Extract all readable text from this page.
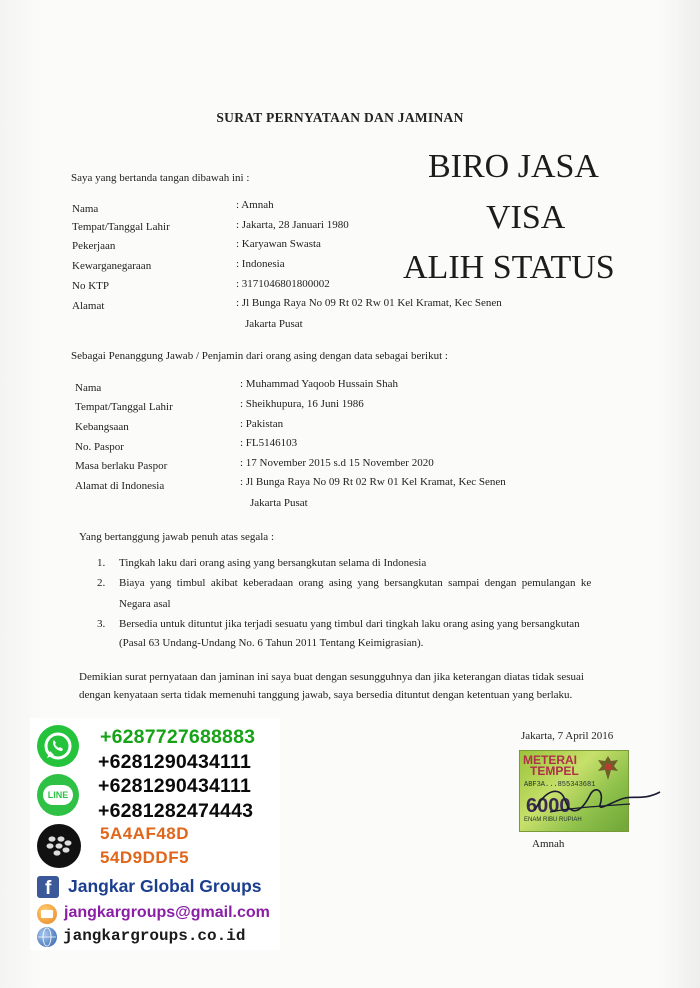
SURAT PERNYATAAN DAN JAMINAN
Saya yang bertanda tangan dibawah ini :	BIRO JASA
VISA
ALIH STATUS
Nama
Tempat/Tanggal Lahir
Pekerjaan
Kewarganegaraan
No KTP
Alamat
: Amnah
: Jakarta, 28 Januari 1980
: Karyawan Swasta
: Indonesia
: 3171046801800002
: Jl Bunga Raya No 09 Rt 02 Rw 01 Kel Kramat, Kec Senen
Jakarta Pusat
Sebagai Penanggung Jawab / Penjamin dari orang asing dengan data sebagai berikut :
Nama
Tempat/Tanggal Lahir
Kebangsaan
No. Paspor
Masa berlaku Paspor
Alamat di Indonesia
: Muhammad Yaqoob Hussain Shah
: Sheikhupura, 16 Juni 1986
: Pakistan
: FL5146103
: 17 November 2015 s.d 15 November 2020
: Jl Bunga Raya No 09 Rt 02 Rw 01 Kel Kramat, Kec Senen
Jakarta Pusat
Yang bertanggung jawab penuh atas segala :
1. Tingkah laku dari orang asing yang bersangkutan selama di Indonesia
2. Biaya yang timbul akibat keberadaan orang asing yang bersangkutan sampai dengan pemulangan ke
Negara asal
3. Bersedia untuk dituntut jika terjadi sesuatu yang timbul dari tingkah laku orang asing yang bersangkutan
(Pasal 63 Undang-Undang No. 6 Tahun 2011 Tentang Keimigrasian).
Demikian surat pernyataan dan jaminan ini saya buat dengan sesungguhnya dan jika keterangan diatas tidak sesuai
dengan kenyataan serta tidak memenuhi tanggung jawab, saya bersedia dituntut dengan ketentuan yang berlaku.
Jakarta, 7 April 2016
METERAI
TEMPEL
ABF3A...855343681
6000
ENAM RIBU RUPIAH
Amnah
LINE
+6287727688883
+6281290434111
+6281290434111
+6281282474443
5A4AF48D
54D9DDF5
f Jangkar Global Groups
jangkargroups@gmail.com
jangkargroups.co.id
